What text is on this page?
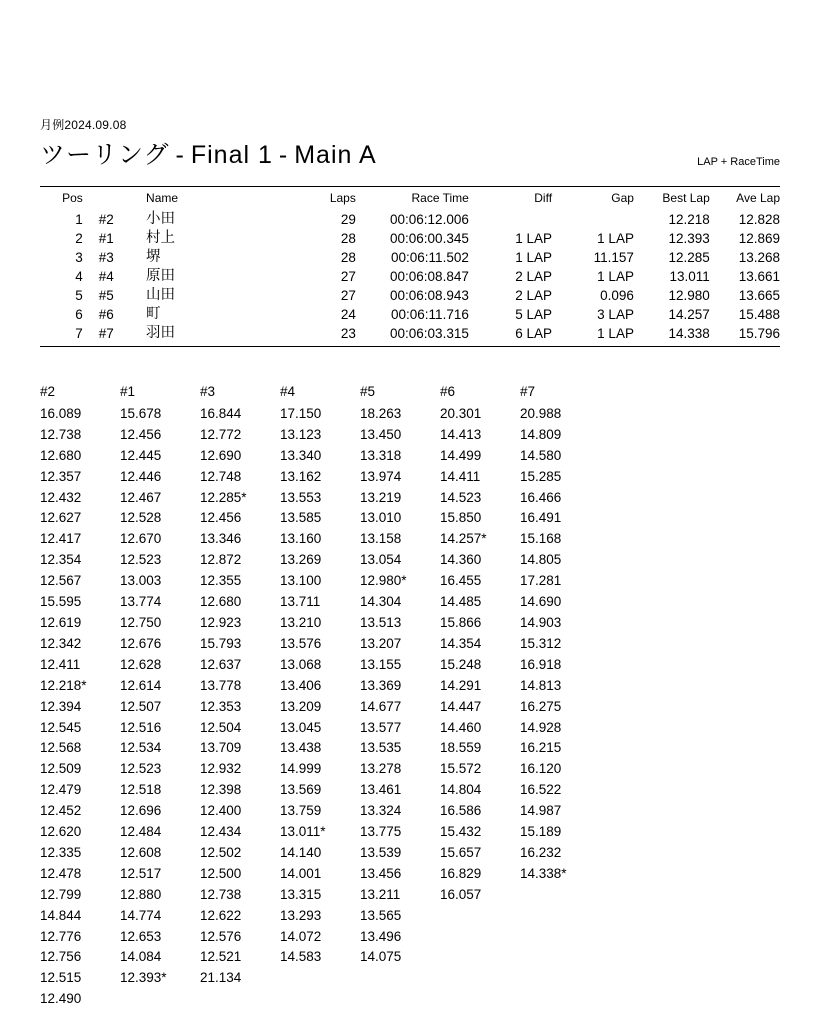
月例2024.09.08
ツーリング - Final 1 - Main A	LAP + RaceTime
Pos		Name	Laps	Race Time	Diff	Gap	Best Lap	Ave Lap
1	#2	小田	29	00:06:12.006			12.218	12.828
2	#1	村上	28	00:06:00.345	1 LAP	1 LAP	12.393	12.869
3	#3	堺	28	00:06:11.502	1 LAP	11.157	12.285	13.268
4	#4	原田	27	00:06:08.847	2 LAP	1 LAP	13.011	13.661
5	#5	山田	27	00:06:08.943	2 LAP	0.096	12.980	13.665
6	#6	町	24	00:06:11.716	5 LAP	3 LAP	14.257	15.488
7	#7	羽田	23	00:06:03.315	6 LAP	1 LAP	14.338	15.796
#2	#1	#3	#4	#5	#6	#7
16.089	15.678	16.844	17.150	18.263	20.301	20.988
12.738	12.456	12.772	13.123	13.450	14.413	14.809
12.680	12.445	12.690	13.340	13.318	14.499	14.580
12.357	12.446	12.748	13.162	13.974	14.411	15.285
12.432	12.467	12.285*	13.553	13.219	14.523	16.466
12.627	12.528	12.456	13.585	13.010	15.850	16.491
12.417	12.670	13.346	13.160	13.158	14.257*	15.168
12.354	12.523	12.872	13.269	13.054	14.360	14.805
12.567	13.003	12.355	13.100	12.980*	16.455	17.281
15.595	13.774	12.680	13.711	14.304	14.485	14.690
12.619	12.750	12.923	13.210	13.513	15.866	14.903
12.342	12.676	15.793	13.576	13.207	14.354	15.312
12.411	12.628	12.637	13.068	13.155	15.248	16.918
12.218*	12.614	13.778	13.406	13.369	14.291	14.813
12.394	12.507	12.353	13.209	14.677	14.447	16.275
12.545	12.516	12.504	13.045	13.577	14.460	14.928
12.568	12.534	13.709	13.438	13.535	18.559	16.215
12.509	12.523	12.932	14.999	13.278	15.572	16.120
12.479	12.518	12.398	13.569	13.461	14.804	16.522
12.452	12.696	12.400	13.759	13.324	16.586	14.987
12.620	12.484	12.434	13.011*	13.775	15.432	15.189
12.335	12.608	12.502	14.140	13.539	15.657	16.232
12.478	12.517	12.500	14.001	13.456	16.829	14.338*
12.799	12.880	12.738	13.315	13.211	16.057	
14.844	14.774	12.622	13.293	13.565		
12.776	12.653	12.576	14.072	13.496		
12.756	14.084	12.521	14.583	14.075		
12.515	12.393*	21.134				
12.490						
